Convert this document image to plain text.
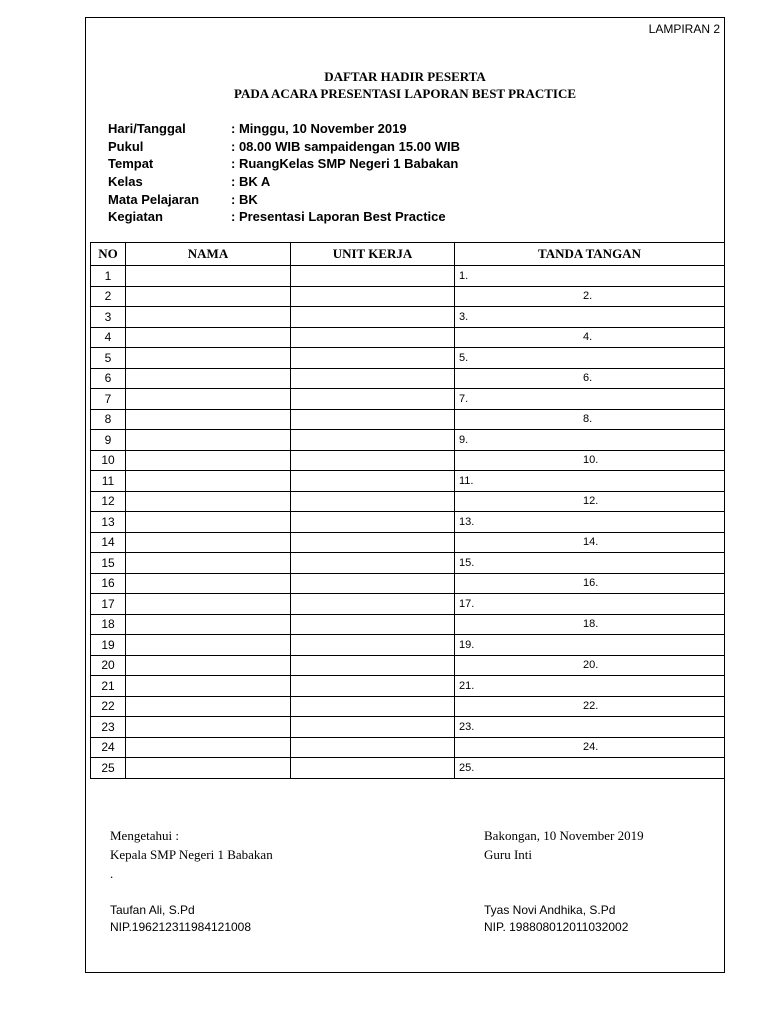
LAMPIRAN 2
DAFTAR HADIR PESERTA
PADA ACARA PRESENTASI LAPORAN BEST PRACTICE
Hari/Tanggal	: Minggu, 10 November 2019
Pukul	: 08.00 WIB sampaidengan 15.00 WIB
Tempat	: RuangKelas SMP Negeri 1 Babakan
Kelas	: BK A
Mata Pelajaran	: BK
Kegiatan	: Presentasi Laporan Best Practice
NO	NAMA	UNIT KERJA	TANDA TANGAN
1			1.
2			2.
3			3.
4			4.
5			5.
6			6.
7			7.
8			8.
9			9.
10			10.
11			11.
12			12.
13			13.
14			14.
15			15.
16			16.
17			17.
18			18.
19			19.
20			20.
21			21.
22			22.
23			23.
24			24.
25			25.
Mengetahui :
Kepala SMP Negeri 1 Babakan
.
Taufan Ali, S.Pd
NIP.196212311984121008
Bakongan, 10 November 2019
Guru Inti
Tyas Novi Andhika, S.Pd
NIP. 198808012011032002
